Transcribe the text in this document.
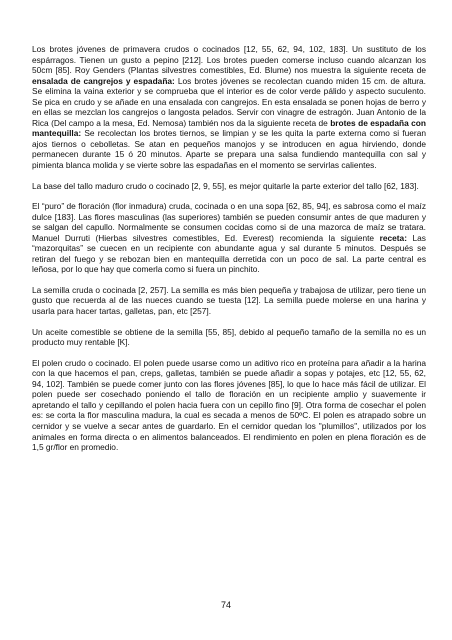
Los brotes jóvenes de primavera crudos o cocinados [12, 55, 62, 94, 102, 183]. Un sustituto de los espárragos. Tienen un gusto a pepino [212]. Los brotes pueden comerse incluso cuando alcanzan los 50cm [85]. Roy Genders (Plantas silvestres comestibles, Ed. Blume) nos muestra la siguiente receta de ensalada de cangrejos y espadaña: Los brotes jóvenes se recolectan cuando miden 15 cm. de altura. Se elimina la vaina exterior y se comprueba que el interior es de color verde pálido y aspecto suculento. Se pica en crudo y se añade en una ensalada con cangrejos. En esta ensalada se ponen hojas de berro y en ellas se mezclan los cangrejos o langosta pelados. Servir con vinagre de estragón. Juan Antonio de la Rica (Del campo a la mesa, Ed. Nemosa) también nos da la siguiente receta de brotes de espadaña con mantequilla: Se recolectan los brotes tiernos, se limpian y se les quita la parte externa como si fueran ajos tiernos o cebolletas. Se atan en pequeños manojos y se introducen en agua hirviendo, donde permanecen durante 15 ó 20 minutos. Aparte se prepara una salsa fundiendo mantequilla con sal y pimienta blanca molida y se vierte sobre las espadañas en el momento se servirlas calientes.

La base del tallo maduro crudo o cocinado [2, 9, 55], es mejor quitarle la parte exterior del tallo [62, 183].

El “puro” de floración (flor inmadura) cruda, cocinada o en una sopa [62, 85, 94], es sabrosa como el maíz dulce [183]. Las flores masculinas (las superiores) también se pueden consumir antes de que maduren y se salgan del capullo. Normalmente se consumen cocidas como si de una mazorca de maíz se tratara. Manuel Durruti (Hierbas silvestres comestibles, Ed. Everest) recomienda la siguiente receta: Las “mazorquitas” se cuecen en un recipiente con abundante agua y sal durante 5 minutos. Después se retiran del fuego y se rebozan bien en mantequilla derretida con un poco de sal. La parte central es leñosa, por lo que hay que comerla como si fuera un pinchito.

La semilla cruda o cocinada [2, 257]. La semilla es más bien pequeña y trabajosa de utilizar, pero tiene un gusto que recuerda al de las nueces cuando se tuesta [12]. La semilla puede molerse en una harina y usarla para hacer tartas, galletas, pan, etc [257].

Un aceite comestible se obtiene de la semilla [55, 85], debido al pequeño tamaño de la semilla no es un producto muy rentable [K].

El polen crudo o cocinado. El polen puede usarse como un aditivo rico en proteína para añadir a la harina con la que hacemos el pan, creps, galletas, también se puede añadir a sopas y potajes, etc [12, 55, 62, 94, 102]. También se puede comer junto con las flores jóvenes [85], lo que lo hace más fácil de utilizar. El polen puede ser cosechado poniendo el tallo de floración en un recipiente amplio y suavemente ir apretando el tallo y cepillando el polen hacia fuera con un cepillo fino [9]. Otra forma de cosechar el polen es: se corta la flor masculina madura, la cual es secada a menos de 50ºC. El polen es atrapado sobre un cernidor y se vuelve a secar antes de guardarlo. En el cernidor quedan los "plumillos", utilizados por los animales en forma directa o en alimentos balanceados. El rendimiento en polen en plena floración es de 1,5 gr/flor en promedio.

74
